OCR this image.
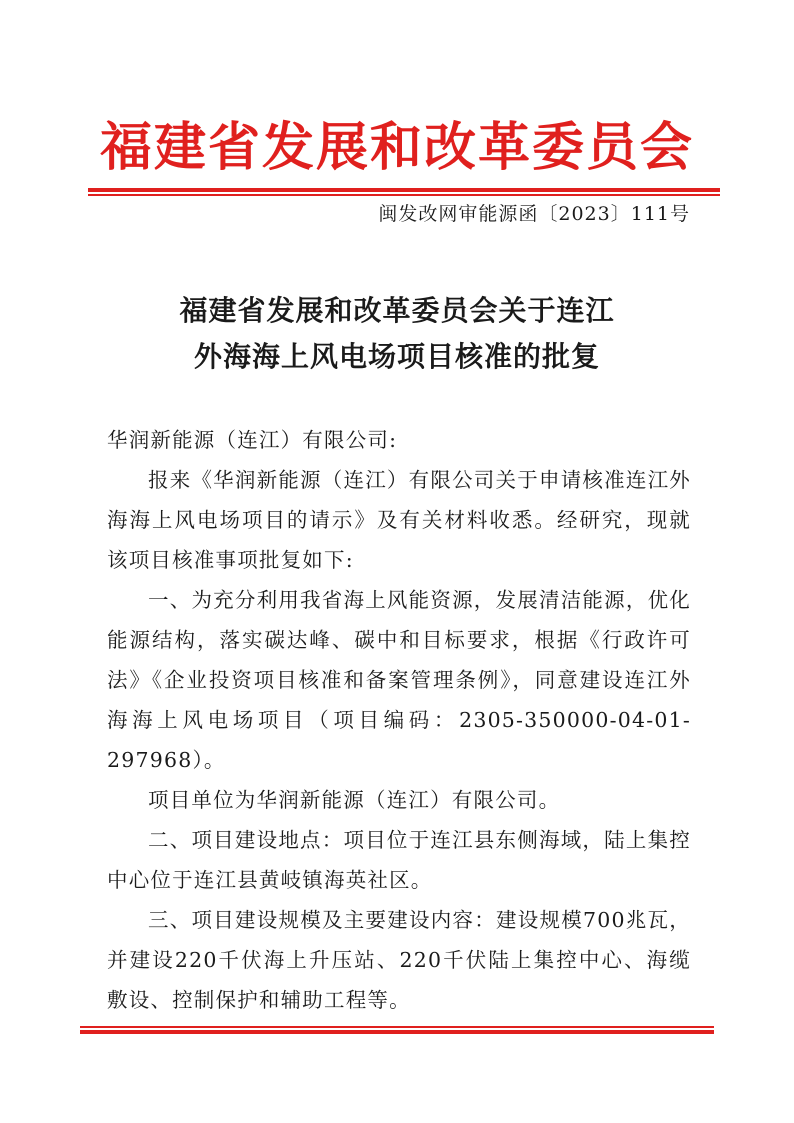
福建省发展和改革委员会
闽发改网审能源函〔2023〕111号
福建省发展和改革委员会关于连江
外海海上风电场项目核准的批复

华润新能源（连江）有限公司:

报来《华润新能源（连江）有限公司关于申请核准连江外海海上风电场项目的请示》及有关材料收悉。经研究，现就该项目核准事项批复如下:

一、为充分利用我省海上风能资源，发展清洁能源，优化能源结构，落实碳达峰、碳中和目标要求，根据《行政许可法》《企业投资项目核准和备案管理条例》，同意建设连江外海海上风电场项目（项目编码：2305-350000-04-01-297968）。

项目单位为华润新能源（连江）有限公司。

二、项目建设地点：项目位于连江县东侧海域，陆上集控中心位于连江县黄岐镇海英社区。

三、项目建设规模及主要建设内容：建设规模700兆瓦，并建设220千伏海上升压站、220千伏陆上集控中心、海缆敷设、控制保护和辅助工程等。
